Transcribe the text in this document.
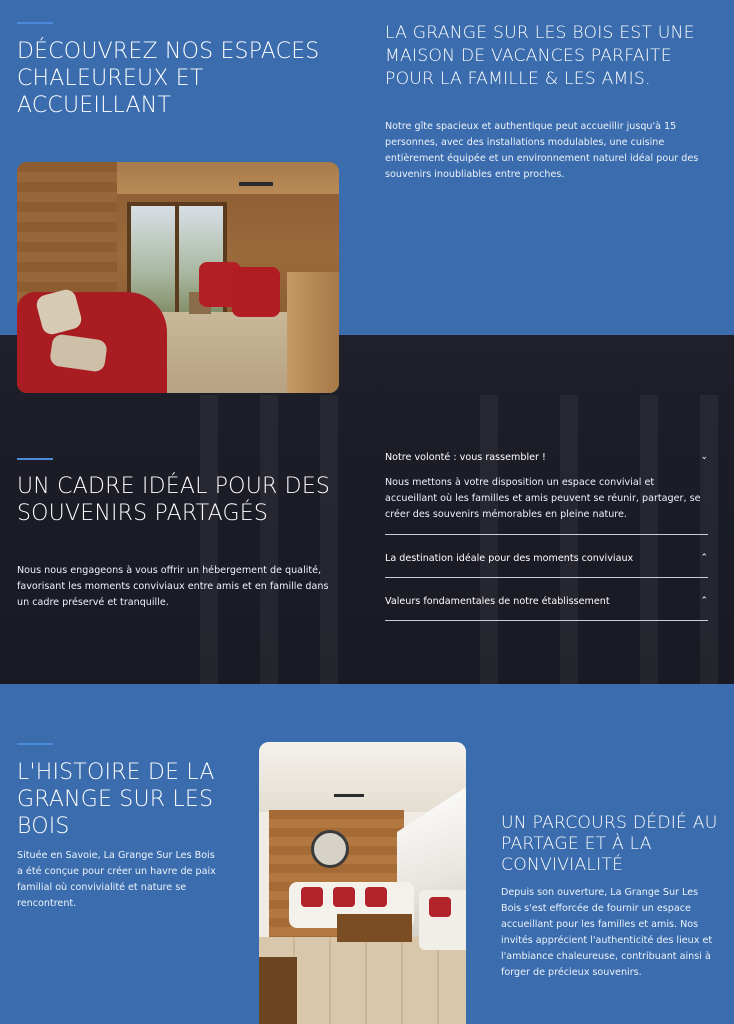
DÉCOUVREZ NOS ESPACES CHALEUREUX ET ACCUEILLANT
LA GRANGE SUR LES BOIS EST UNE MAISON DE VACANCES PARFAITE POUR LA FAMILLE & LES AMIS.

Notre gîte spacieux et authentique peut accueillir jusqu'à 15 personnes, avec des installations modulables, une cuisine entièrement équipée et un environnement naturel idéal pour des souvenirs inoubliables entre proches.

UN CADRE IDÉAL POUR DES SOUVENIRS PARTAGÉS

Nous nous engageons à vous offrir un hébergement de qualité, favorisant les moments conviviaux entre amis et en famille dans un cadre préservé et tranquille.

Notre volonté : vous rassembler !	⌄

Nous mettons à votre disposition un espace convivial et accueillant où les familles et amis peuvent se réunir, partager, se créer des souvenirs mémorables en pleine nature.

La destination idéale pour des moments conviviaux	⌃
Valeurs fondamentales de notre établissement	⌃
L'HISTOIRE DE LA GRANGE SUR LES BOIS

Située en Savoie, La Grange Sur Les Bois a été conçue pour créer un havre de paix familial où convivialité et nature se rencontrent.

UN PARCOURS DÉDIÉ AU PARTAGE ET À LA CONVIVIALITÉ

Depuis son ouverture, La Grange Sur Les Bois s'est efforcée de fournir un espace accueillant pour les familles et amis. Nos invités apprécient l'authenticité des lieux et l'ambiance chaleureuse, contribuant ainsi à forger de précieux souvenirs.
